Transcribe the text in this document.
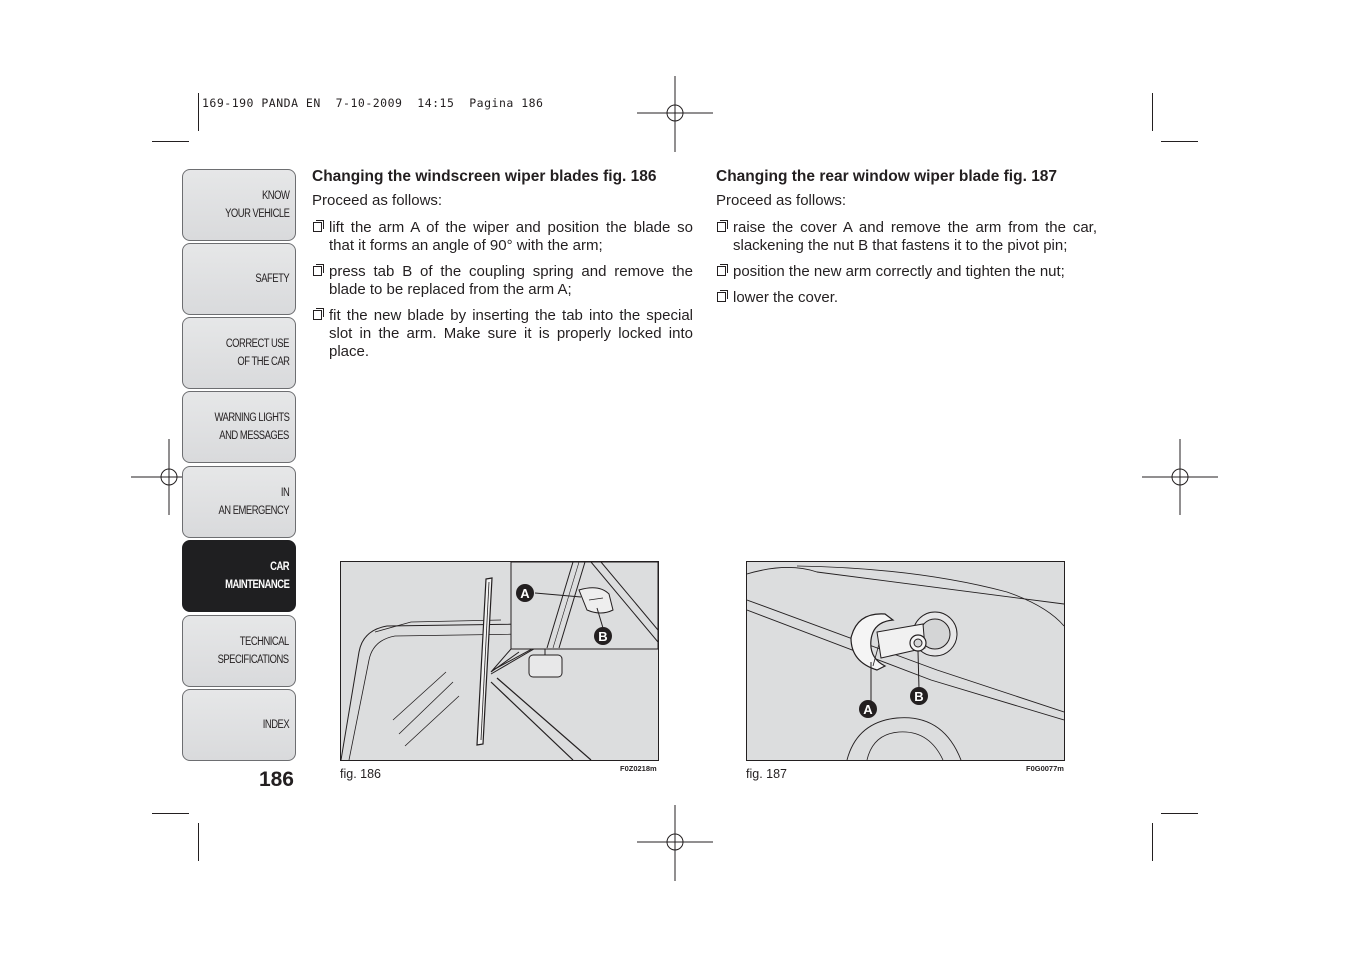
169-190 PANDA EN  7-10-2009  14:15  Pagina 186
KNOW
YOUR VEHICLE
SAFETY
CORRECT USE
OF THE CAR
WARNING LIGHTS
AND MESSAGES
IN
AN EMERGENCY
CAR
MAINTENANCE
TECHNICAL
SPECIFICATIONS
INDEX
186
Changing the windscreen wiper blades fig. 186

Proceed as follows:

lift the arm A of the wiper and position the blade so that it forms an angle of 90° with the arm;
press tab B of the coupling spring and remove the blade to be replaced from the arm A;
fit the new blade by inserting the tab into the special slot in the arm. Make sure it is properly locked into place.
Changing the rear window wiper blade fig. 187

Proceed as follows:

raise the cover A and remove the arm from the car, slackening the nut B that fastens it to the pivot pin;
position the new arm correctly and tighten the nut;
lower the cover.
A
B
fig. 186	F0Z0218m
A
B
fig. 187	F0G0077m
